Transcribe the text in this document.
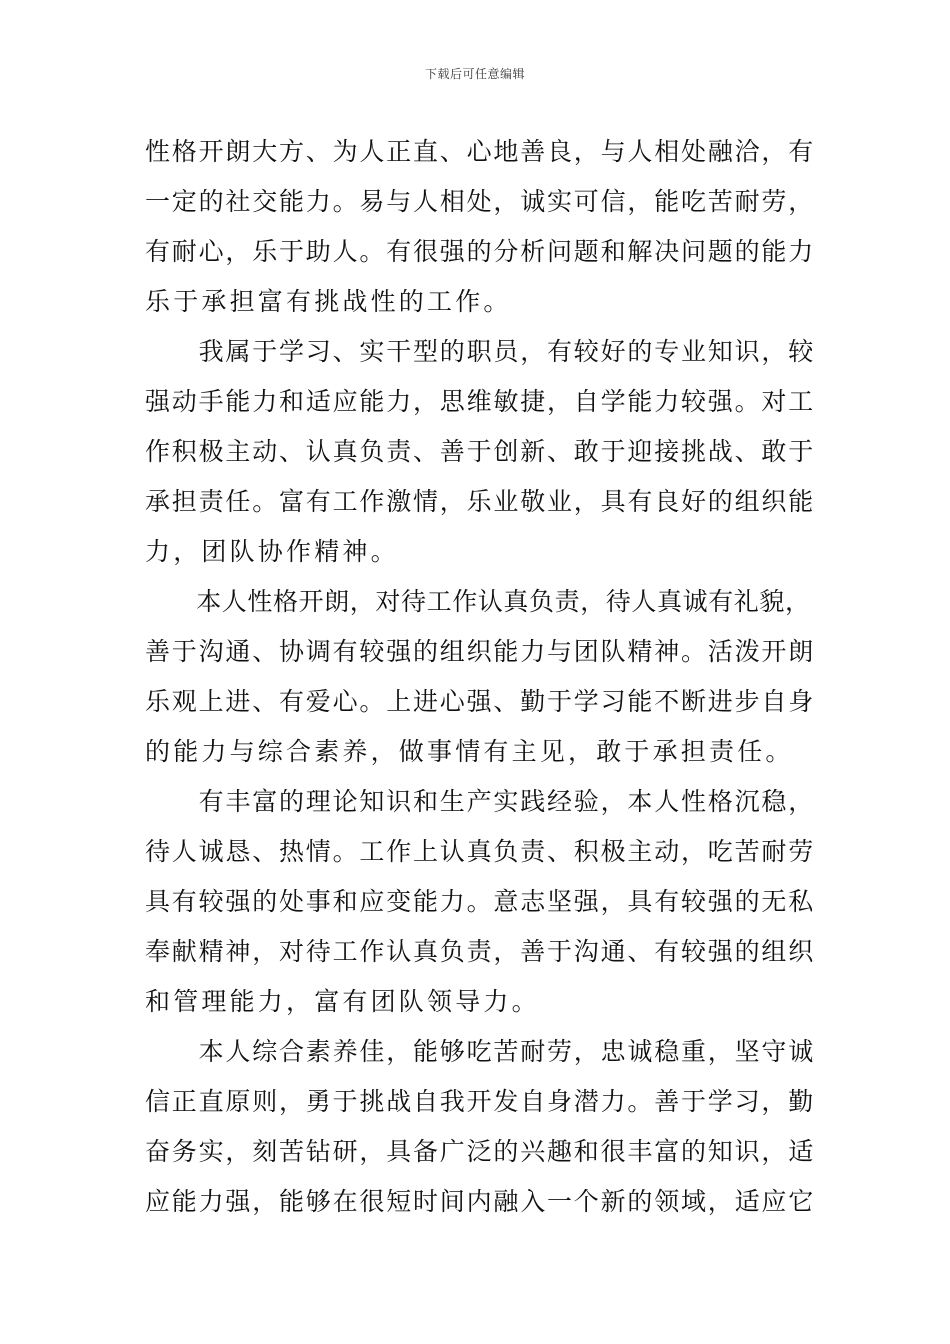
下载后可任意编辑

性格开朗大方、为人正直、心地善良，与人相处融洽，有
一定的社交能力。易与人相处，诚实可信，能吃苦耐劳，
有耐心，乐于助人。有很强的分析问题和解决问题的能力
乐于承担富有挑战性的工作。

　　我属于学习、实干型的职员，有较好的专业知识，较
强动手能力和适应能力，思维敏捷，自学能力较强。对工
作积极主动、认真负责、善于创新、敢于迎接挑战、敢于
承担责任。富有工作激情，乐业敬业，具有良好的组织能
力，团队协作精神。

　　本人性格开朗，对待工作认真负责，待人真诚有礼貌，
善于沟通、协调有较强的组织能力与团队精神。活泼开朗
乐观上进、有爱心。上进心强、勤于学习能不断进步自身
的能力与综合素养，做事情有主见，敢于承担责任。

　　有丰富的理论知识和生产实践经验，本人性格沉稳，
待人诚恳、热情。工作上认真负责、积极主动，吃苦耐劳
具有较强的处事和应变能力。意志坚强，具有较强的无私
奉献精神，对待工作认真负责，善于沟通、有较强的组织
和管理能力，富有团队领导力。

　　本人综合素养佳，能够吃苦耐劳，忠诚稳重，坚守诚
信正直原则，勇于挑战自我开发自身潜力。善于学习，勤
奋务实，刻苦钻研，具备广泛的兴趣和很丰富的知识，适
应能力强，能够在很短时间内融入一个新的领域，适应它
